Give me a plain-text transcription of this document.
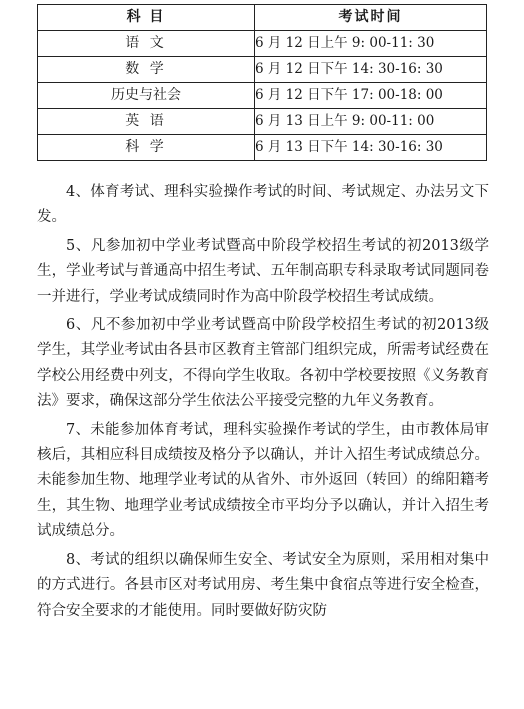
科 目	考试时间
语 文	6 月 12 日上午 9: 00-11: 30
数 学	6 月 12 日下午 14: 30-16: 30
历史与社会	6 月 12 日下午 17: 00-18: 00
英 语	6 月 13 日上午 9: 00-11: 00
科 学	6 月 13 日下午 14: 30-16: 30

4、体育考试、理科实验操作考试的时间、考试规定、办法另文下发。

5、凡参加初中学业考试暨高中阶段学校招生考试的初2013级学生，学业考试与普通高中招生考试、五年制高职专科录取考试同题同卷一并进行，学业考试成绩同时作为高中阶段学校招生考试成绩。

6、凡不参加初中学业考试暨高中阶段学校招生考试的初2013级学生，其学业考试由各县市区教育主管部门组织完成，所需考试经费在学校公用经费中列支，不得向学生收取。各初中学校要按照《义务教育法》要求，确保这部分学生依法公平接受完整的九年义务教育。

7、未能参加体育考试，理科实验操作考试的学生，由市教体局审核后，其相应科目成绩按及格分予以确认，并计入招生考试成绩总分。未能参加生物、地理学业考试的从省外、市外返回（转回）的绵阳籍考生，其生物、地理学业考试成绩按全市平均分予以确认，并计入招生考试成绩总分。

8、考试的组织以确保师生安全、考试安全为原则，采用相对集中的方式进行。各县市区对考试用房、考生集中食宿点等进行安全检查，符合安全要求的才能使用。同时要做好防灾防
